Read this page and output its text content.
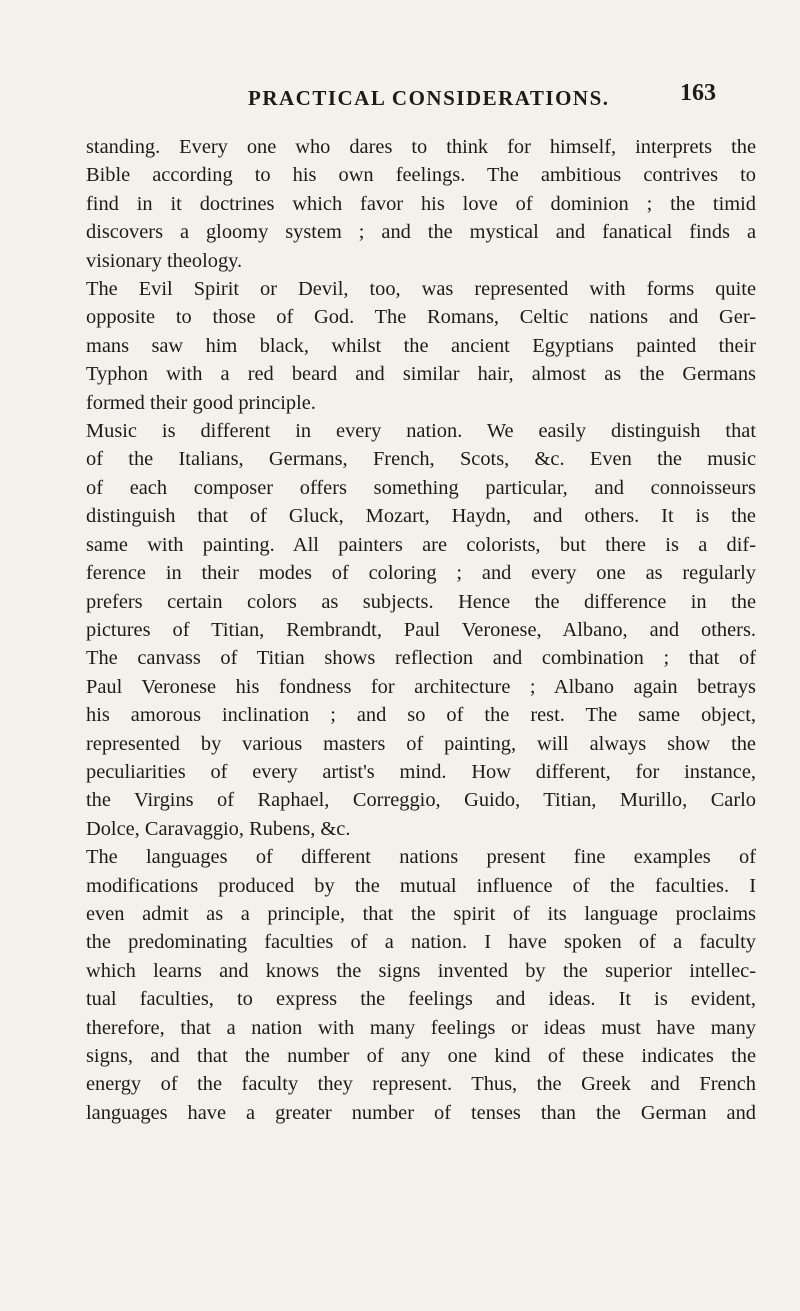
PRACTICAL CONSIDERATIONS.	163

standing. Every one who dares to think for himself, interprets the
Bible according to his own feelings. The ambitious contrives to
find in it doctrines which favor his love of dominion ; the timid
discovers a gloomy system ; and the mystical and fanatical finds a
visionary theology.

The Evil Spirit or Devil, too, was represented with forms quite
opposite to those of God. The Romans, Celtic nations and Ger-
mans saw him black, whilst the ancient Egyptians painted their
Typhon with a red beard and similar hair, almost as the Germans
formed their good principle.

Music is different in every nation. We easily distinguish that
of the Italians, Germans, French, Scots, &c. Even the music
of each composer offers something particular, and connoisseurs
distinguish that of Gluck, Mozart, Haydn, and others. It is the
same with painting. All painters are colorists, but there is a dif-
ference in their modes of coloring ; and every one as regularly
prefers certain colors as subjects. Hence the difference in the
pictures of Titian, Rembrandt, Paul Veronese, Albano, and others.
The canvass of Titian shows reflection and combination ; that of
Paul Veronese his fondness for architecture ; Albano again betrays
his amorous inclination ; and so of the rest. The same object,
represented by various masters of painting, will always show the
peculiarities of every artist's mind. How different, for instance,
the Virgins of Raphael, Correggio, Guido, Titian, Murillo, Carlo
Dolce, Caravaggio, Rubens, &c.

The languages of different nations present fine examples of
modifications produced by the mutual influence of the faculties. I
even admit as a principle, that the spirit of its language proclaims
the predominating faculties of a nation. I have spoken of a faculty
which learns and knows the signs invented by the superior intellec-
tual faculties, to express the feelings and ideas. It is evident,
therefore, that a nation with many feelings or ideas must have many
signs, and that the number of any one kind of these indicates the
energy of the faculty they represent. Thus, the Greek and French
languages have a greater number of tenses than the German and
